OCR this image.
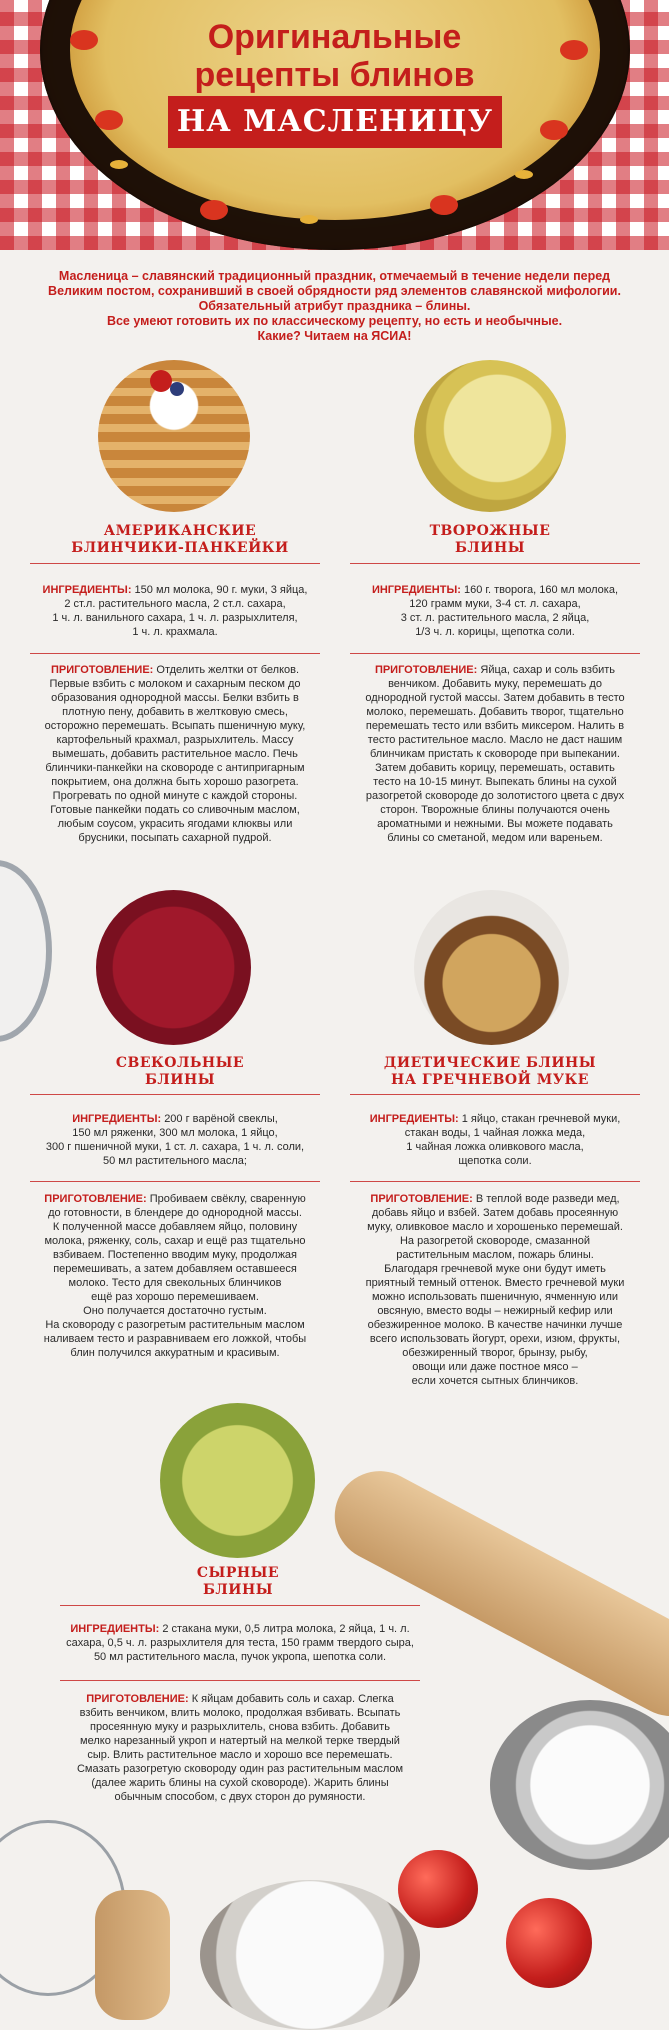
Оригинальные
рецепты блинов
НА МАСЛЕНИЦУ
Масленица – славянский традиционный праздник, отмечаемый в течение недели перед
Великим постом, сохранивший в своей обрядности ряд элементов славянской мифологии.
Обязательный атрибут праздника – блины.
Все умеют готовить их по классическому рецепту, но есть и необычные.
Какие? Читаем на ЯСИА!
АМЕРИКАНСКИЕ
БЛИНЧИКИ-ПАНКЕЙКИ
ИНГРЕДИЕНТЫ: 150 мл молока, 90 г. муки, 3 яйца,
2 ст.л. растительного масла, 2 ст.л. сахара,
1 ч. л. ванильного сахара, 1 ч. л. разрыхлителя,
1 ч. л. крахмала.
ПРИГОТОВЛЕНИЕ: Отделить желтки от белков.
Первые взбить с молоком и сахарным песком до
образования однородной массы. Белки взбить в
плотную пену, добавить в желтковую смесь,
осторожно перемешать. Всыпать пшеничную муку,
картофельный крахмал, разрыхлитель. Массу
вымешать, добавить растительное масло. Печь
блинчики-панкейки на сковороде с антипригарным
покрытием, она должна быть хорошо разогрета.
Прогревать по одной минуте с каждой стороны.
Готовые панкейки подать со сливочным маслом,
любым соусом, украсить ягодами клюквы или
брусники, посыпать сахарной пудрой.
ТВОРОЖНЫЕ
БЛИНЫ
ИНГРЕДИЕНТЫ: 160 г. творога, 160 мл молока,
120 грамм муки, 3-4 ст. л. сахара,
3 ст. л. растительного масла, 2 яйца,
1/3 ч. л. корицы, щепотка соли.
ПРИГОТОВЛЕНИЕ: Яйца, сахар и соль взбить
венчиком. Добавить муку, перемешать до
однородной густой массы. Затем добавить в тесто
молоко, перемешать. Добавить творог, тщательно
перемешать тесто или взбить миксером. Налить в
тесто растительное масло. Масло не даст нашим
блинчикам пристать к сковороде при выпекании.
Затем добавить корицу, перемешать, оставить
тесто на 10-15 минут. Выпекать блины на сухой
разогретой сковороде до золотистого цвета с двух
сторон. Творожные блины получаются очень
ароматными и нежными. Вы можете подавать
блины со сметаной, медом или вареньем.
СВЕКОЛЬНЫЕ
БЛИНЫ
ИНГРЕДИЕНТЫ: 200 г варёной свеклы,
150 мл ряженки, 300 мл молока, 1 яйцо,
300 г пшеничной муки, 1 ст. л. сахара, 1 ч. л. соли,
50 мл растительного масла;
ПРИГОТОВЛЕНИЕ: Пробиваем свёклу, сваренную
до готовности, в блендере до однородной массы.
К полученной массе добавляем яйцо, половину
молока, ряженку, соль, сахар и ещё раз тщательно
взбиваем. Постепенно вводим муку, продолжая
перемешивать, а затем добавляем оставшееся
молоко. Тесто для свекольных блинчиков
ещё раз хорошо перемешиваем.
Оно получается достаточно густым.
На сковороду с разогретым растительным маслом
наливаем тесто и разравниваем его ложкой, чтобы
блин получился аккуратным и красивым.
ДИЕТИЧЕСКИЕ БЛИНЫ
НА ГРЕЧНЕВОЙ МУКЕ
ИНГРЕДИЕНТЫ: 1 яйцо, стакан гречневой муки,
стакан воды, 1 чайная ложка меда,
1 чайная ложка оливкового масла,
щепотка соли.
ПРИГОТОВЛЕНИЕ: В теплой воде разведи мед,
добавь яйцо и взбей. Затем добавь просеянную
муку, оливковое масло и хорошенько перемешай.
На разогретой сковороде, смазанной
растительным маслом, пожарь блины.
Благодаря гречневой муке они будут иметь
приятный темный оттенок. Вместо гречневой муки
можно использовать пшеничную, ячменную или
овсяную, вместо воды – нежирный кефир или
обезжиренное молоко. В качестве начинки лучше
всего использовать йогурт, орехи, изюм, фрукты,
обезжиренный творог, брынзу, рыбу,
овощи или даже постное мясо –
если хочется сытных блинчиков.
СЫРНЫЕ
БЛИНЫ
ИНГРЕДИЕНТЫ: 2 стакана муки, 0,5 литра молока, 2 яйца, 1 ч. л.
сахара, 0,5 ч. л. разрыхлителя для теста, 150 грамм твердого сыра,
50 мл растительного масла, пучок укропа, шепотка соли.
ПРИГОТОВЛЕНИЕ: К яйцам добавить соль и сахар. Слегка
взбить венчиком, влить молоко, продолжая взбивать. Всыпать
просеянную муку и разрыхлитель, снова взбить. Добавить
мелко нарезанный укроп и натертый на мелкой терке твердый
сыр. Влить растительное масло и хорошо все перемешать.
Смазать разогретую сковороду один раз растительным маслом
(далее жарить блины на сухой сковороде). Жарить блины
обычным способом, с двух сторон до румяности.
